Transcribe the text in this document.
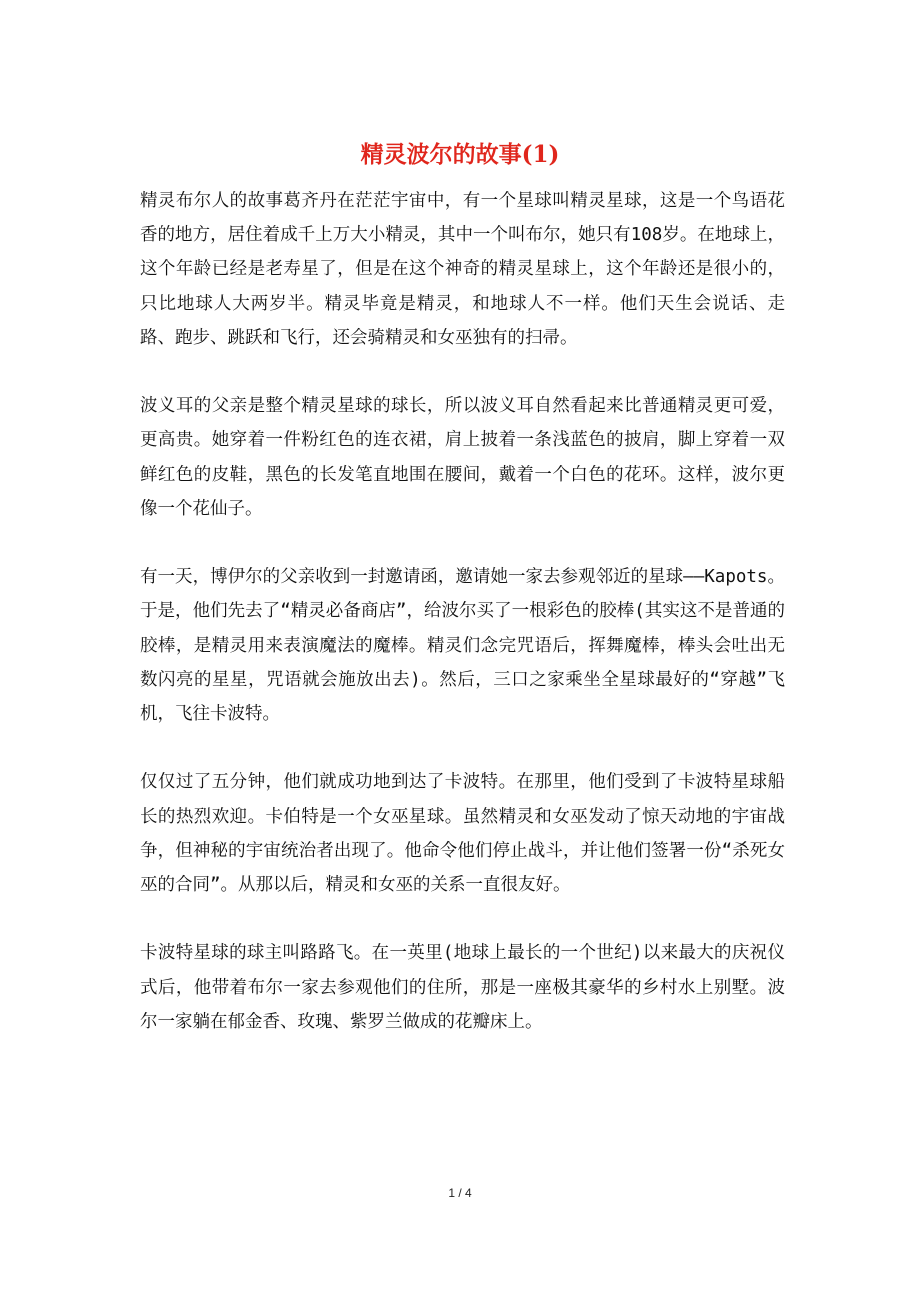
精灵波尔的故事(1)

精灵布尔人的故事葛齐丹在茫茫宇宙中，有一个星球叫精灵星球，这是一个鸟语花香的地方，居住着成千上万大小精灵，其中一个叫布尔，她只有108岁。在地球上，这个年龄已经是老寿星了，但是在这个神奇的精灵星球上，这个年龄还是很小的，只比地球人大两岁半。精灵毕竟是精灵，和地球人不一样。他们天生会说话、走路、跑步、跳跃和飞行，还会骑精灵和女巫独有的扫帚。

波义耳的父亲是整个精灵星球的球长，所以波义耳自然看起来比普通精灵更可爱，更高贵。她穿着一件粉红色的连衣裙，肩上披着一条浅蓝色的披肩，脚上穿着一双鲜红色的皮鞋，黑色的长发笔直地围在腰间，戴着一个白色的花环。这样，波尔更像一个花仙子。

有一天，博伊尔的父亲收到一封邀请函，邀请她一家去参观邻近的星球——Kapots。于是，他们先去了“精灵必备商店”，给波尔买了一根彩色的胶棒(其实这不是普通的胶棒，是精灵用来表演魔法的魔棒。精灵们念完咒语后，挥舞魔棒，棒头会吐出无数闪亮的星星，咒语就会施放出去)。然后，三口之家乘坐全星球最好的“穿越”飞机，飞往卡波特。

仅仅过了五分钟，他们就成功地到达了卡波特。在那里，他们受到了卡波特星球船长的热烈欢迎。卡伯特是一个女巫星球。虽然精灵和女巫发动了惊天动地的宇宙战争，但神秘的宇宙统治者出现了。他命令他们停止战斗，并让他们签署一份“杀死女巫的合同”。从那以后，精灵和女巫的关系一直很友好。

卡波特星球的球主叫路路飞。在一英里(地球上最长的一个世纪)以来最大的庆祝仪式后，他带着布尔一家去参观他们的住所，那是一座极其豪华的乡村水上别墅。波尔一家躺在郁金香、玫瑰、紫罗兰做成的花瓣床上。

1 / 4
